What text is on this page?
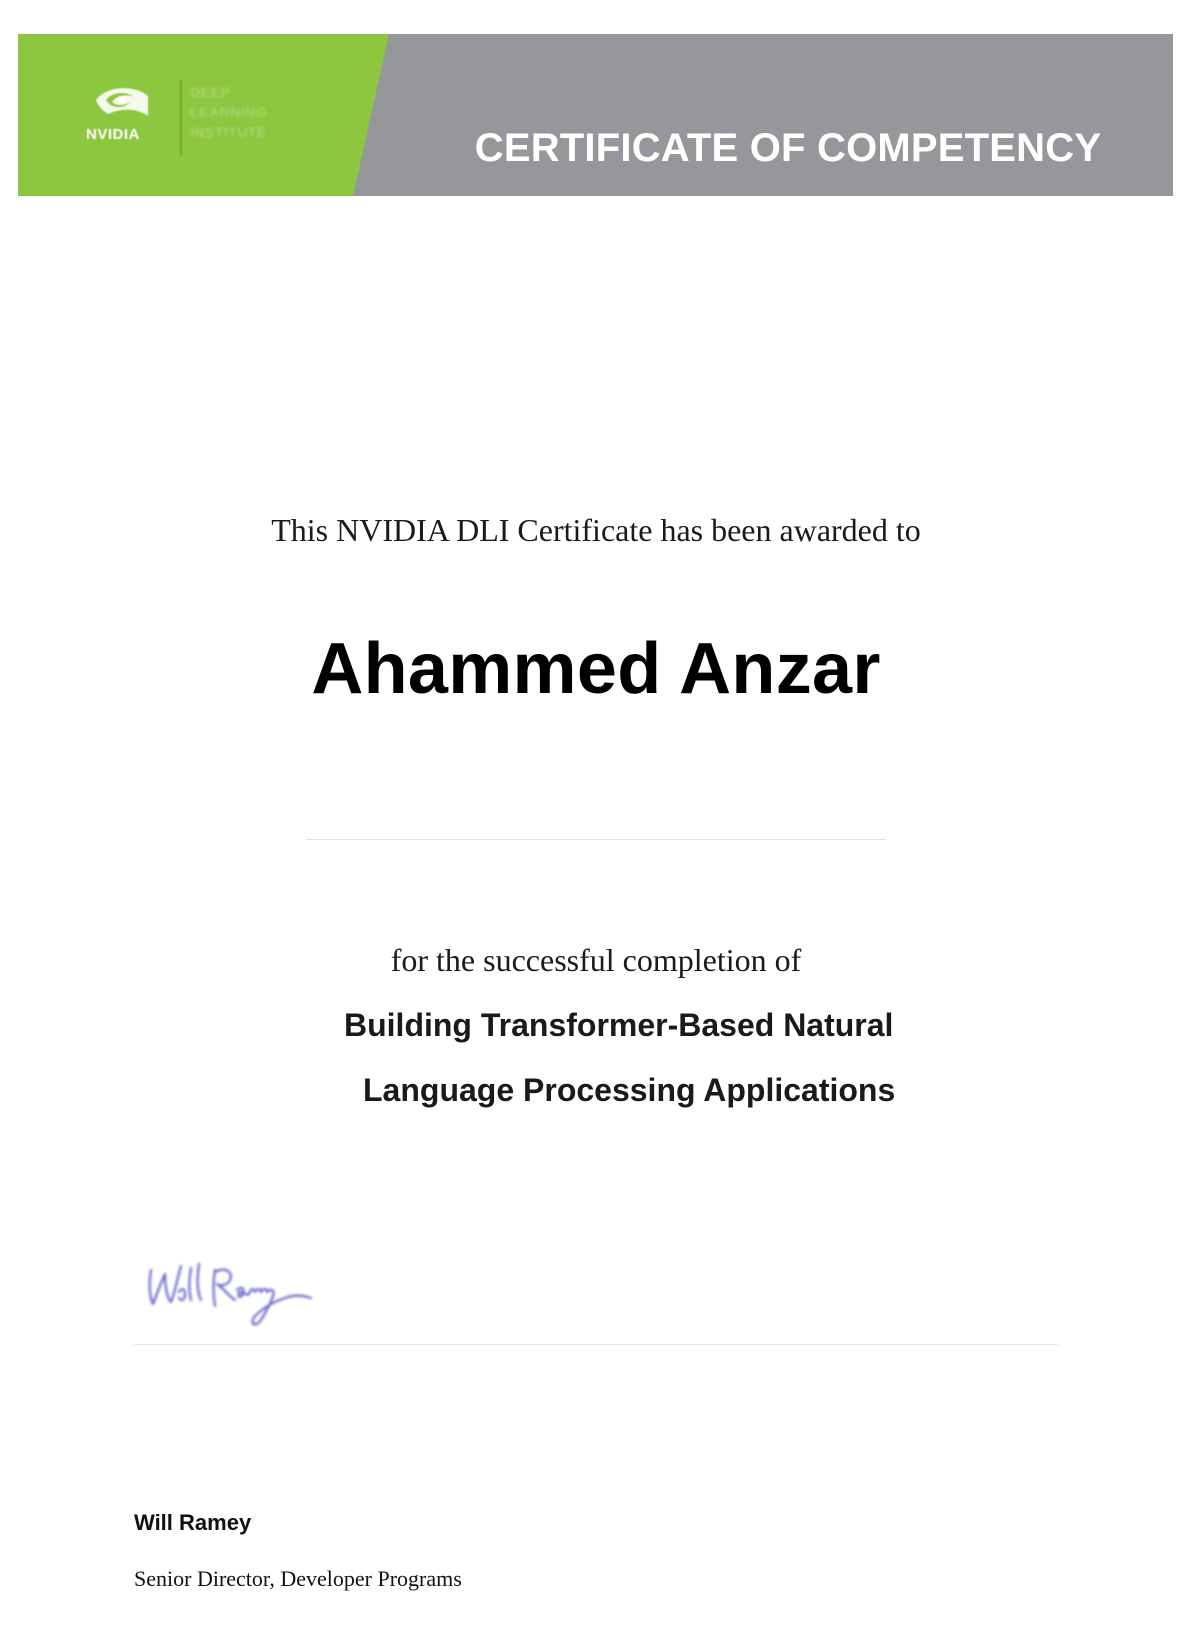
NVIDIA
DEEP
LEARNING
INSTITUTE	CERTIFICATE OF COMPETENCY
This NVIDIA DLI Certificate has been awarded to
Ahammed Anzar
for the successful completion of
Building Transformer-Based Natural
Language Processing Applications
Will Ramey
Senior Director, Developer Programs
